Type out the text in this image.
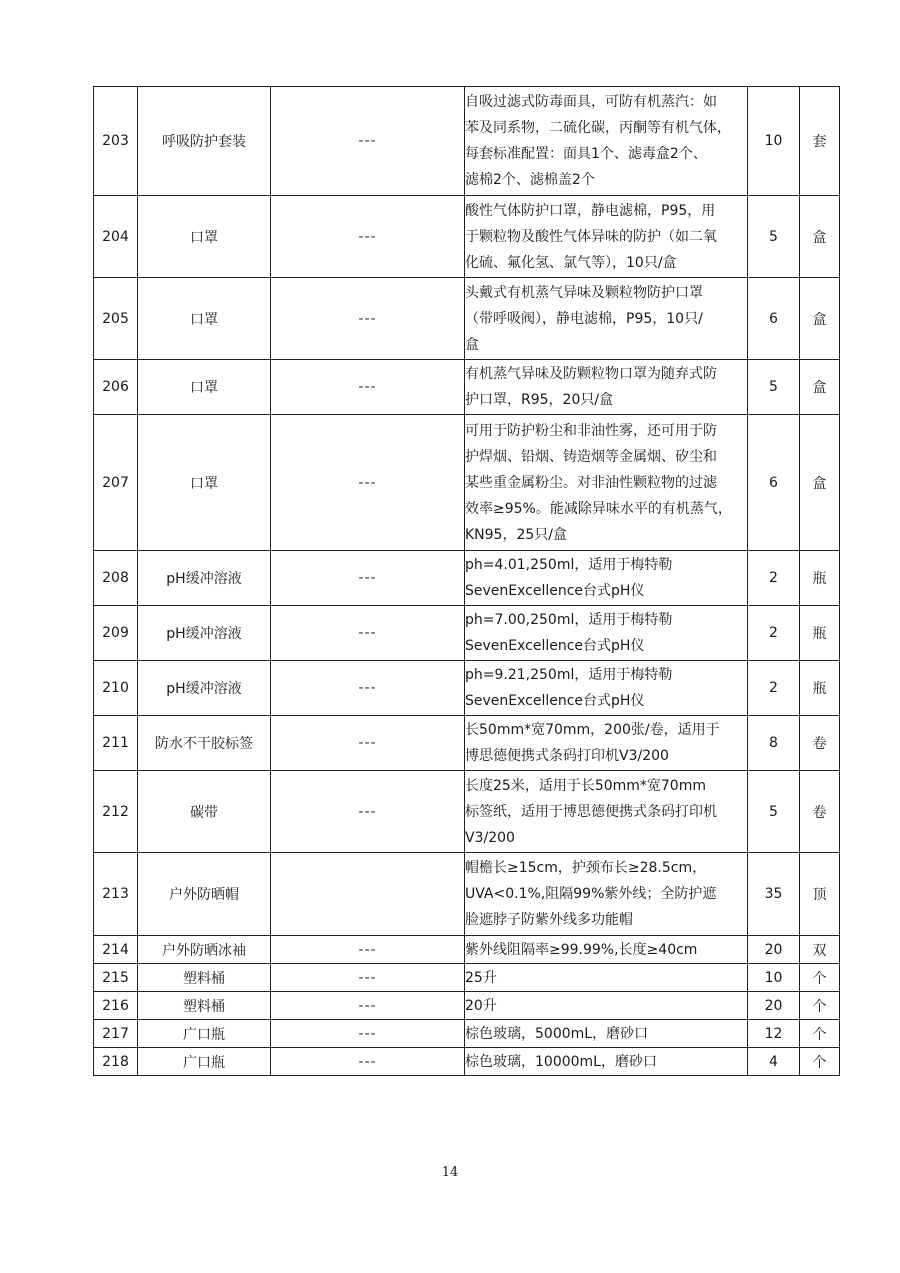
203	呼吸防护套装	---	自吸过滤式防毒面具，可防有机蒸汽：如
苯及同系物，二硫化碳，丙酮等有机气体，
每套标准配置：面具1个、滤毒盒2个、
滤棉2个、滤棉盖2个	10	套
204	口罩	---	酸性气体防护口罩，静电滤棉，P95，用
于颗粒物及酸性气体异味的防护（如二氧
化硫、氟化氢、氯气等），10只/盒	5	盒
205	口罩	---	头戴式有机蒸气异味及颗粒物防护口罩
（带呼吸阀），静电滤棉，P95，10只/
盒	6	盒
206	口罩	---	有机蒸气异味及防颗粒物口罩为随弃式防
护口罩，R95，20只/盒	5	盒
207	口罩	---	可用于防护粉尘和非油性雾，还可用于防
护焊烟、铅烟、铸造烟等金属烟、矽尘和
某些重金属粉尘。对非油性颗粒物的过滤
效率≥95%。能减除异味水平的有机蒸气，
KN95，25只/盒	6	盒
208	pH缓冲溶液	---	ph=4.01,250ml，适用于梅特勒
SevenExcellence台式pH仪	2	瓶
209	pH缓冲溶液	---	ph=7.00,250ml，适用于梅特勒
SevenExcellence台式pH仪	2	瓶
210	pH缓冲溶液	---	ph=9.21,250ml，适用于梅特勒
SevenExcellence台式pH仪	2	瓶
211	防水不干胶标签	---	长50mm*宽70mm，200张/卷，适用于
博思德便携式条码打印机V3/200	8	卷
212	碳带	---	长度25米，适用于长50mm*宽70mm
标签纸，适用于博思德便携式条码打印机
V3/200	5	卷
213	户外防晒帽		帽檐长≥15cm，护颈布长≥28.5cm，
UVA<0.1%,阻隔99%紫外线；全防护遮
脸遮脖子防紫外线多功能帽	35	顶
214	户外防晒冰袖	---	紫外线阻隔率≥99.99%,长度≥40cm	20	双
215	塑料桶	---	25升	10	个
216	塑料桶	---	20升	20	个
217	广口瓶	---	棕色玻璃，5000mL，磨砂口	12	个
218	广口瓶	---	棕色玻璃，10000mL，磨砂口	4	个
14
